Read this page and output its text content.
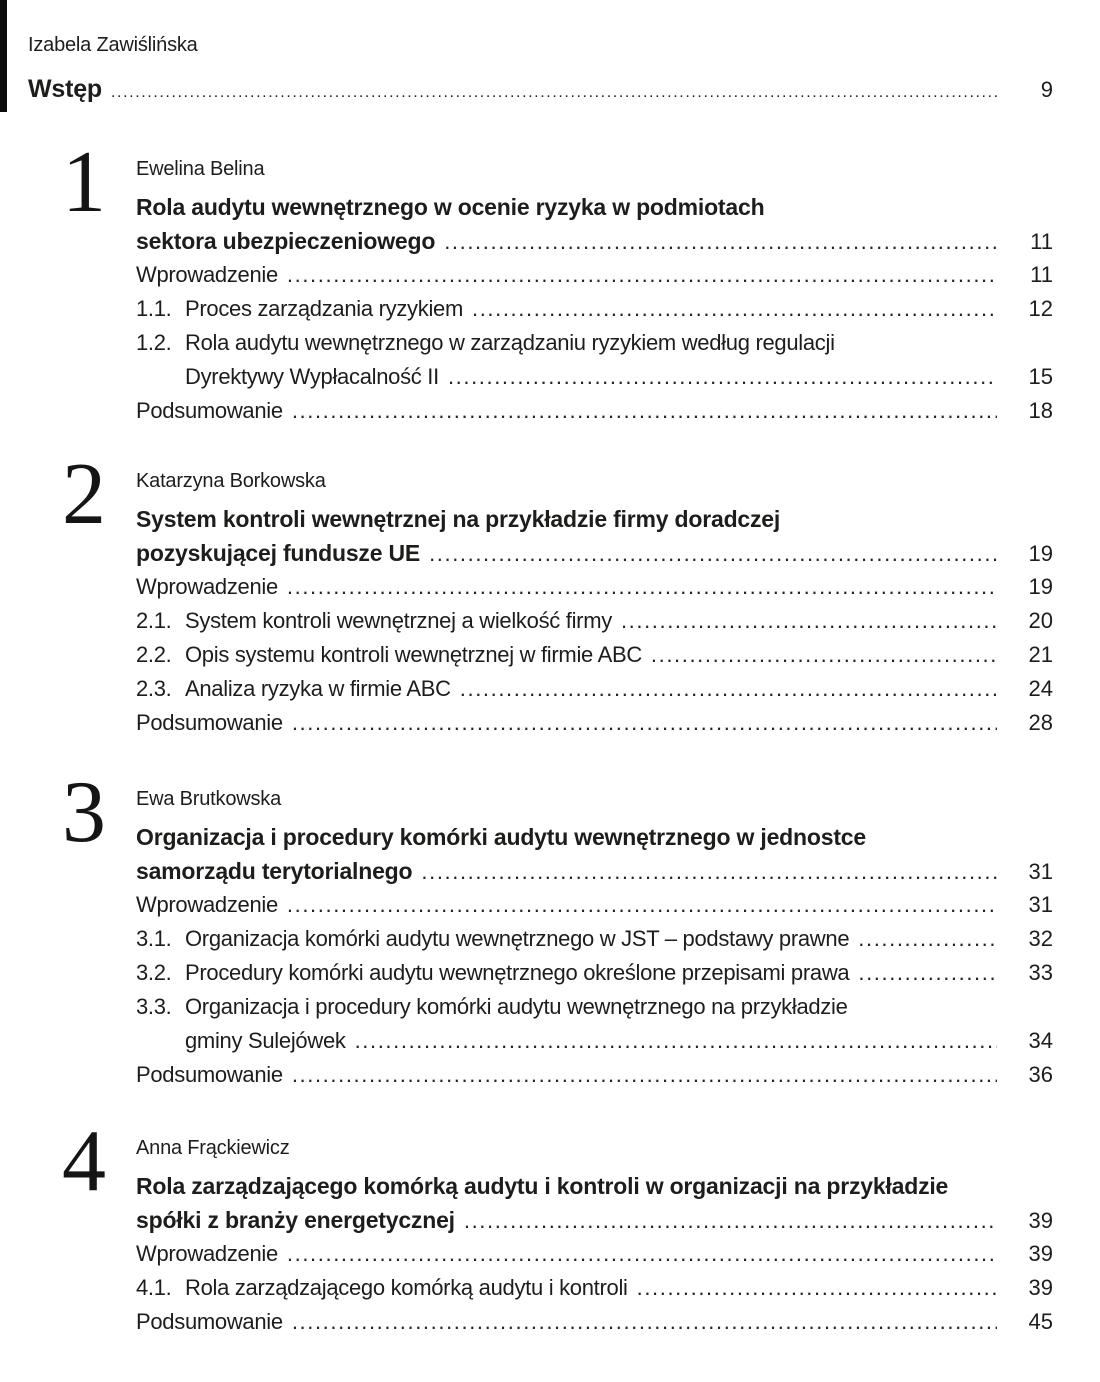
Izabela Zawiślińska
Wstęp .....	9
1 Ewelina Belina
Rola audytu wewnętrznego w ocenie ryzyka w podmiotach
sektora ubezpieczeniowego .....	11
Wprowadzenie .....	11
1.1. Proces zarządzania ryzykiem .....	12
1.2. Rola audytu wewnętrznego w zarządzaniu ryzykiem według regulacji
Dyrektywy Wypłacalność II .....	15
Podsumowanie .....	18
2 Katarzyna Borkowska
System kontroli wewnętrznej na przykładzie firmy doradczej
pozyskującej fundusze UE .....	19
Wprowadzenie .....	19
2.1. System kontroli wewnętrznej a wielkość firmy .....	20
2.2. Opis systemu kontroli wewnętrznej w firmie ABC .....	21
2.3. Analiza ryzyka w firmie ABC .....	24
Podsumowanie .....	28
3 Ewa Brutkowska
Organizacja i procedury komórki audytu wewnętrznego w jednostce
samorządu terytorialnego .....	31
Wprowadzenie .....	31
3.1. Organizacja komórki audytu wewnętrznego w JST – podstawy prawne .....	32
3.2. Procedury komórki audytu wewnętrznego określone przepisami prawa .....	33
3.3. Organizacja i procedury komórki audytu wewnętrznego na przykładzie
gminy Sulejówek .....	34
Podsumowanie .....	36
4 Anna Frąckiewicz
Rola zarządzającego komórką audytu i kontroli w organizacji na przykładzie
spółki z branży energetycznej .....	39
Wprowadzenie .....	39
4.1. Rola zarządzającego komórką audytu i kontroli .....	39
Podsumowanie .....	45
